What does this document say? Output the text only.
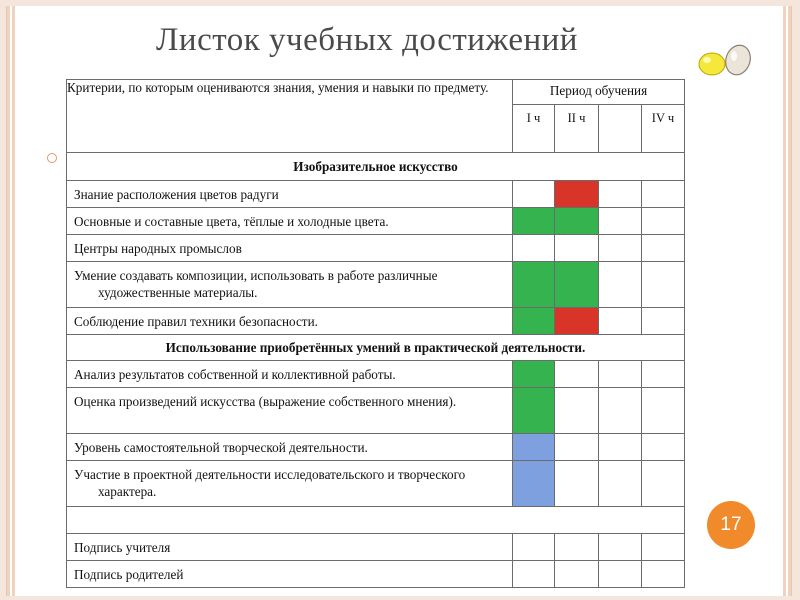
Листок учебных достижений
Критерии, по которым оцениваются знания, умения и навыки по предмету.	Период обучения			
	I ч	II ч		IV ч
Изобразительное искусство				

Знание расположения цветов радуги				

Основные и составные цвета, тёплые и холодные цвета.				

Центры народных промыслов				

Умение создавать композиции, использовать в работе различные художественные материалы.				

Соблюдение правил техники безопасности.				

Использование приобретённых умений в практической деятельности.				

Анализ результатов собственной и коллективной работы.				

Оценка произведений искусства (выражение собственного мнения).				

Уровень самостоятельной творческой деятельности.				

Участие в проектной деятельности исследовательского и творческого характера.				

Подпись учителя				
Подпись родителей				
17
